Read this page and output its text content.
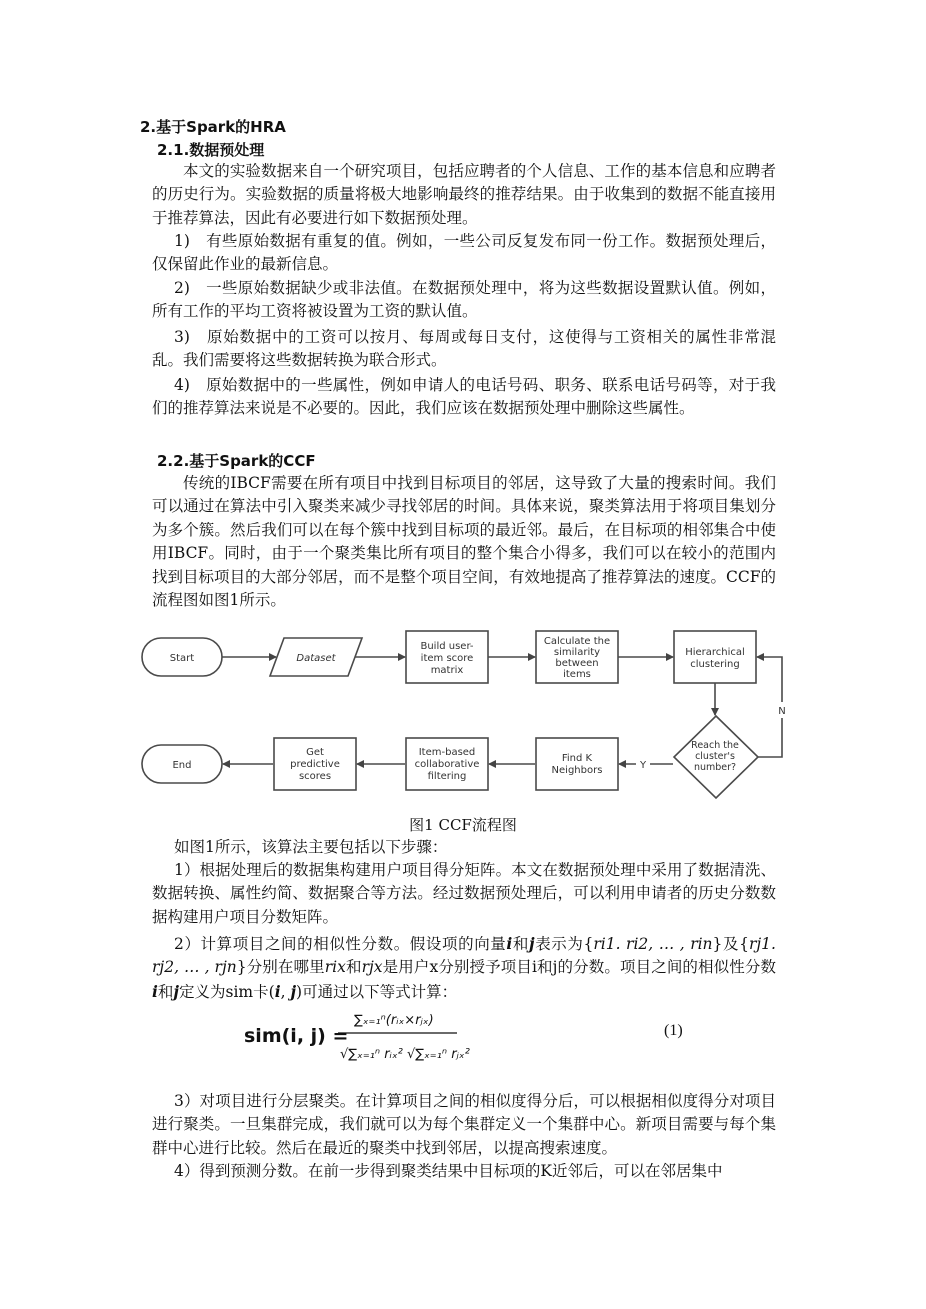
2.基于Spark的HRA
2.1.数据预处理

本文的实验数据来自一个研究项目，包括应聘者的个人信息、工作的基本信息和应聘者的历史行为。实验数据的质量将极大地影响最终的推荐结果。由于收集到的数据不能直接用于推荐算法，因此有必要进行如下数据预处理。

1)　有些原始数据有重复的值。例如，一些公司反复发布同一份工作。数据预处理后，仅保留此作业的最新信息。

2)　一些原始数据缺少或非法值。在数据预处理中，将为这些数据设置默认值。例如，所有工作的平均工资将被设置为工资的默认值。

3)　原始数据中的工资可以按月、每周或每日支付，这使得与工资相关的属性非常混乱。我们需要将这些数据转换为联合形式。

4)　原始数据中的一些属性，例如申请人的电话号码、职务、联系电话号码等，对于我们的推荐算法来说是不必要的。因此，我们应该在数据预处理中删除这些属性。

2.2.基于Spark的CCF

传统的IBCF需要在所有项目中找到目标项目的邻居，这导致了大量的搜索时间。我们可以通过在算法中引入聚类来减少寻找邻居的时间。具体来说，聚类算法用于将项目集划分为多个簇。然后我们可以在每个簇中找到目标项的最近邻。最后，在目标项的相邻集合中使用IBCF。同时，由于一个聚类集比所有项目的整个集合小得多，我们可以在较小的范围内找到目标项目的大部分邻居，而不是整个项目空间，有效地提高了推荐算法的速度。CCF的流程图如图1所示。

Start	Dataset
Build user-
item score
matrix
Calculate the
similarity
between
items
Hierarchical
clustering
Reach the
cluster's
number?
N
Y
Find K
Neighbors
Item-based
collaborative
filtering
Get
predictive
scores
End
图1 CCF流程图

如图1所示，该算法主要包括以下步骤：

1）根据处理后的数据集构建用户项目得分矩阵。本文在数据预处理中采用了数据清洗、数据转换、属性约简、数据聚合等方法。经过数据预处理后，可以利用申请者的历史分数数据构建用户项目分数矩阵。

2）计算项目之间的相似性分数。假设项的向量i和j表示为{ri1. ri2, … , rin}及{rj1. rj2, … , rjn}分别在哪里rix和rjx是用户x分别授予项目i和j的分数。项目之间的相似性分数i和j定义为sim卡(i, j)可通过以下等式计算：

sim(i, j) =
∑ₓ₌₁ⁿ(rᵢₓ×rⱼₓ)
√∑ₓ₌₁ⁿ rᵢₓ² √∑ₓ₌₁ⁿ rⱼₓ²
(1)

3）对项目进行分层聚类。在计算项目之间的相似度得分后，可以根据相似度得分对项目进行聚类。一旦集群完成，我们就可以为每个集群定义一个集群中心。新项目需要与每个集群中心进行比较。然后在最近的聚类中找到邻居，以提高搜索速度。

4）得到预测分数。在前一步得到聚类结果中目标项的K近邻后，可以在邻居集中
